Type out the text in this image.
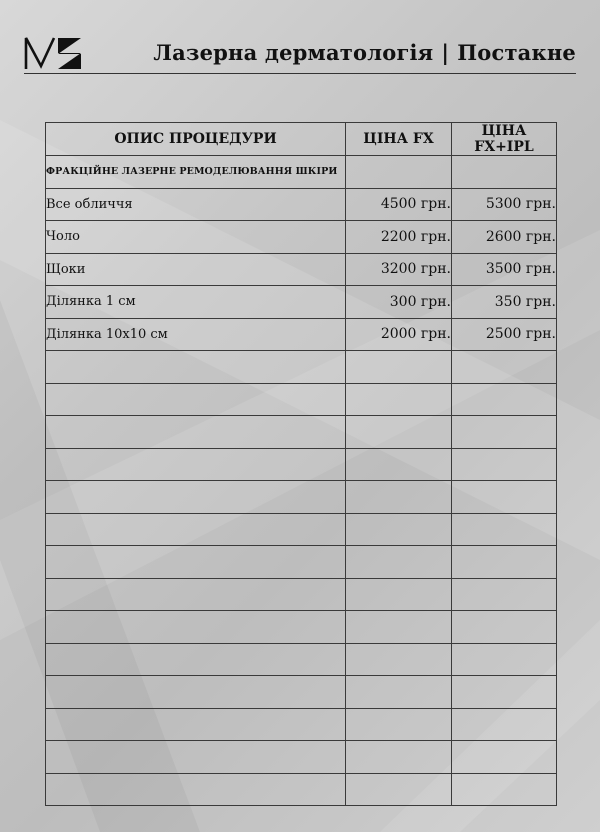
Лазерна дерматологія | Постакне
ОПИС ПРОЦЕДУРИ	ЦІНА FX	ЦІНА FX+IPL
ФРАКЦІЙНЕ ЛАЗЕРНЕ РЕМОДЕЛЮВАННЯ ШКІРИ		
Все обличчя	4500 грн.	5300 грн.
Чоло	2200 грн.	2600 грн.
Щоки	3200 грн.	3500 грн.
Ділянка 1 см	300 грн.	350 грн.
Ділянка 10х10 см	2000 грн.	2500 грн.
